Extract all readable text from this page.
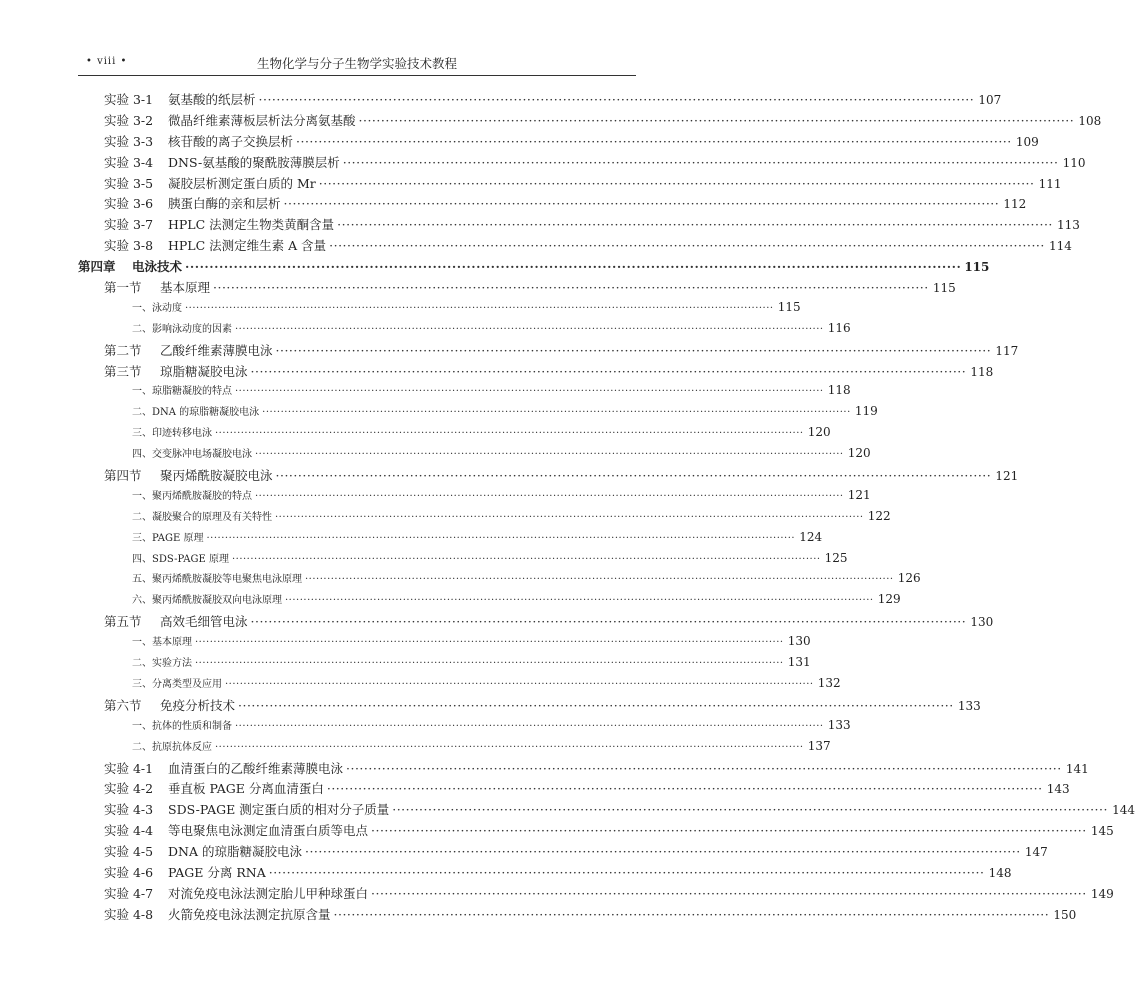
• viii •	生物化学与分子生物学实验技术教程
实验 3-1 氨基酸的纸层析 ································································································································································ 107
实验 3-2 微晶纤维素薄板层析法分离氨基酸 ································································································································································ 108
实验 3-3 核苷酸的离子交换层析 ································································································································································ 109
实验 3-4 DNS-氨基酸的聚酰胺薄膜层析 ································································································································································ 110
实验 3-5 凝胶层析测定蛋白质的 Mr ································································································································································ 111
实验 3-6 胰蛋白酶的亲和层析 ································································································································································ 112
实验 3-7 HPLC 法测定生物类黄酮含量 ································································································································································ 113
实验 3-8 HPLC 法测定维生素 A 含量 ································································································································································ 114
第四章 电泳技术 ································································································································································ 115
第一节 基本原理 ································································································································································ 115
一、泳动度 ································································································································································ 115
二、影响泳动度的因素 ································································································································································ 116
第二节 乙酸纤维素薄膜电泳 ································································································································································ 117
第三节 琼脂糖凝胶电泳 ································································································································································ 118
一、琼脂糖凝胶的特点 ································································································································································ 118
二、DNA 的琼脂糖凝胶电泳 ································································································································································ 119
三、印迹转移电泳 ································································································································································ 120
四、交变脉冲电场凝胶电泳 ································································································································································ 120
第四节 聚丙烯酰胺凝胶电泳 ································································································································································ 121
一、聚丙烯酰胺凝胶的特点 ································································································································································ 121
二、凝胶聚合的原理及有关特性 ································································································································································ 122
三、PAGE 原理 ································································································································································ 124
四、SDS-PAGE 原理 ································································································································································ 125
五、聚丙烯酰胺凝胶等电聚焦电泳原理 ································································································································································ 126
六、聚丙烯酰胺凝胶双向电泳原理 ································································································································································ 129
第五节 高效毛细管电泳 ································································································································································ 130
一、基本原理 ································································································································································ 130
二、实验方法 ································································································································································ 131
三、分离类型及应用 ································································································································································ 132
第六节 免疫分析技术 ································································································································································ 133
一、抗体的性质和制备 ································································································································································ 133
二、抗原抗体反应 ································································································································································ 137
实验 4-1 血清蛋白的乙酸纤维素薄膜电泳 ································································································································································ 141
实验 4-2 垂直板 PAGE 分离血清蛋白 ································································································································································ 143
实验 4-3 SDS-PAGE 测定蛋白质的相对分子质量 ································································································································································ 144
实验 4-4 等电聚焦电泳测定血清蛋白质等电点 ································································································································································ 145
实验 4-5 DNA 的琼脂糖凝胶电泳 ································································································································································ 147
实验 4-6 PAGE 分离 RNA ································································································································································ 148
实验 4-7 对流免疫电泳法测定胎儿甲种球蛋白 ································································································································································ 149
实验 4-8 火箭免疫电泳法测定抗原含量 ································································································································································ 150
